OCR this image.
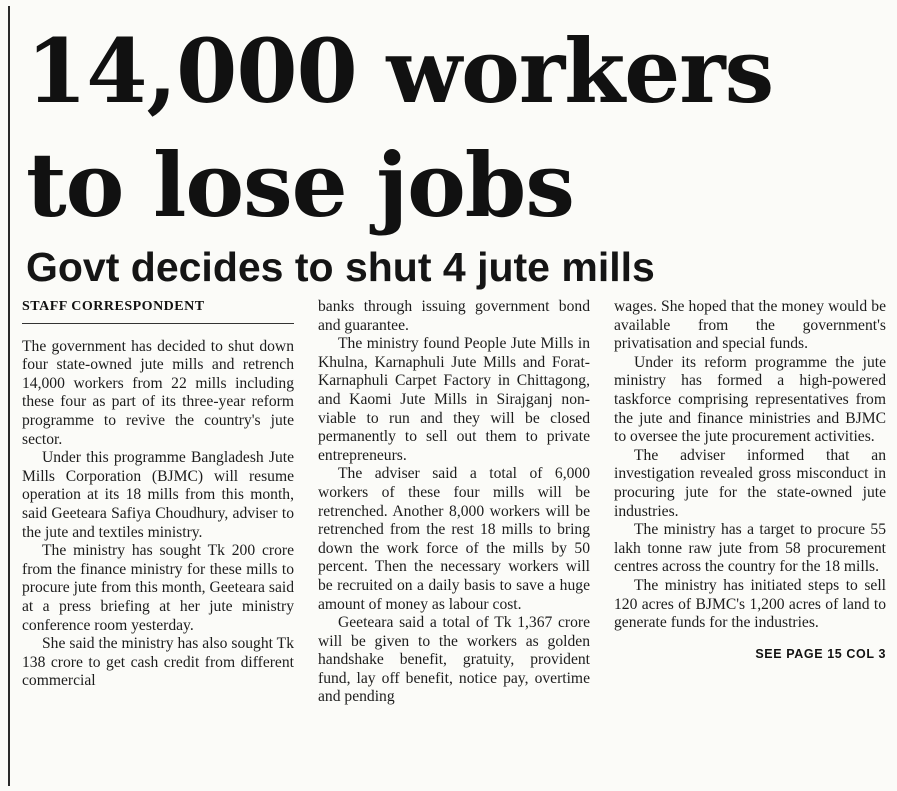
14,000 workers to lose jobs
Govt decides to shut 4 jute mills
STAFF CORRESPONDENT

The government has decided to shut down four state-owned jute mills and retrench 14,000 workers from 22 mills including these four as part of its three-year reform programme to revive the country's jute sector.

Under this programme Bangladesh Jute Mills Corporation (BJMC) will resume operation at its 18 mills from this month, said Geeteara Safiya Choudhury, adviser to the jute and textiles ministry.

The ministry has sought Tk 200 crore from the finance ministry for these mills to procure jute from this month, Geeteara said at a press briefing at her jute ministry conference room yesterday.

She said the ministry has also sought Tk 138 crore to get cash credit from different commercial

banks through issuing government bond and guarantee.

The ministry found People Jute Mills in Khulna, Karnaphuli Jute Mills and Forat-Karnaphuli Carpet Factory in Chittagong, and Kaomi Jute Mills in Sirajganj non-viable to run and they will be closed permanently to sell out them to private entrepreneurs.

The adviser said a total of 6,000 workers of these four mills will be retrenched. Another 8,000 workers will be retrenched from the rest 18 mills to bring down the work force of the mills by 50 percent. Then the necessary workers will be recruited on a daily basis to save a huge amount of money as labour cost.

Geeteara said a total of Tk 1,367 crore will be given to the workers as golden handshake benefit, gratuity, provident fund, lay off benefit, notice pay, overtime and pending

wages. She hoped that the money would be available from the government's privatisation and special funds.

Under its reform programme the jute ministry has formed a high-powered taskforce comprising representatives from the jute and finance ministries and BJMC to oversee the jute procurement activities.

The adviser informed that an investigation revealed gross misconduct in procuring jute for the state-owned jute industries.

The ministry has a target to procure 55 lakh tonne raw jute from 58 procurement centres across the country for the 18 mills.

The ministry has initiated steps to sell 120 acres of BJMC's 1,200 acres of land to generate funds for the industries.

SEE PAGE 15 COL 3
